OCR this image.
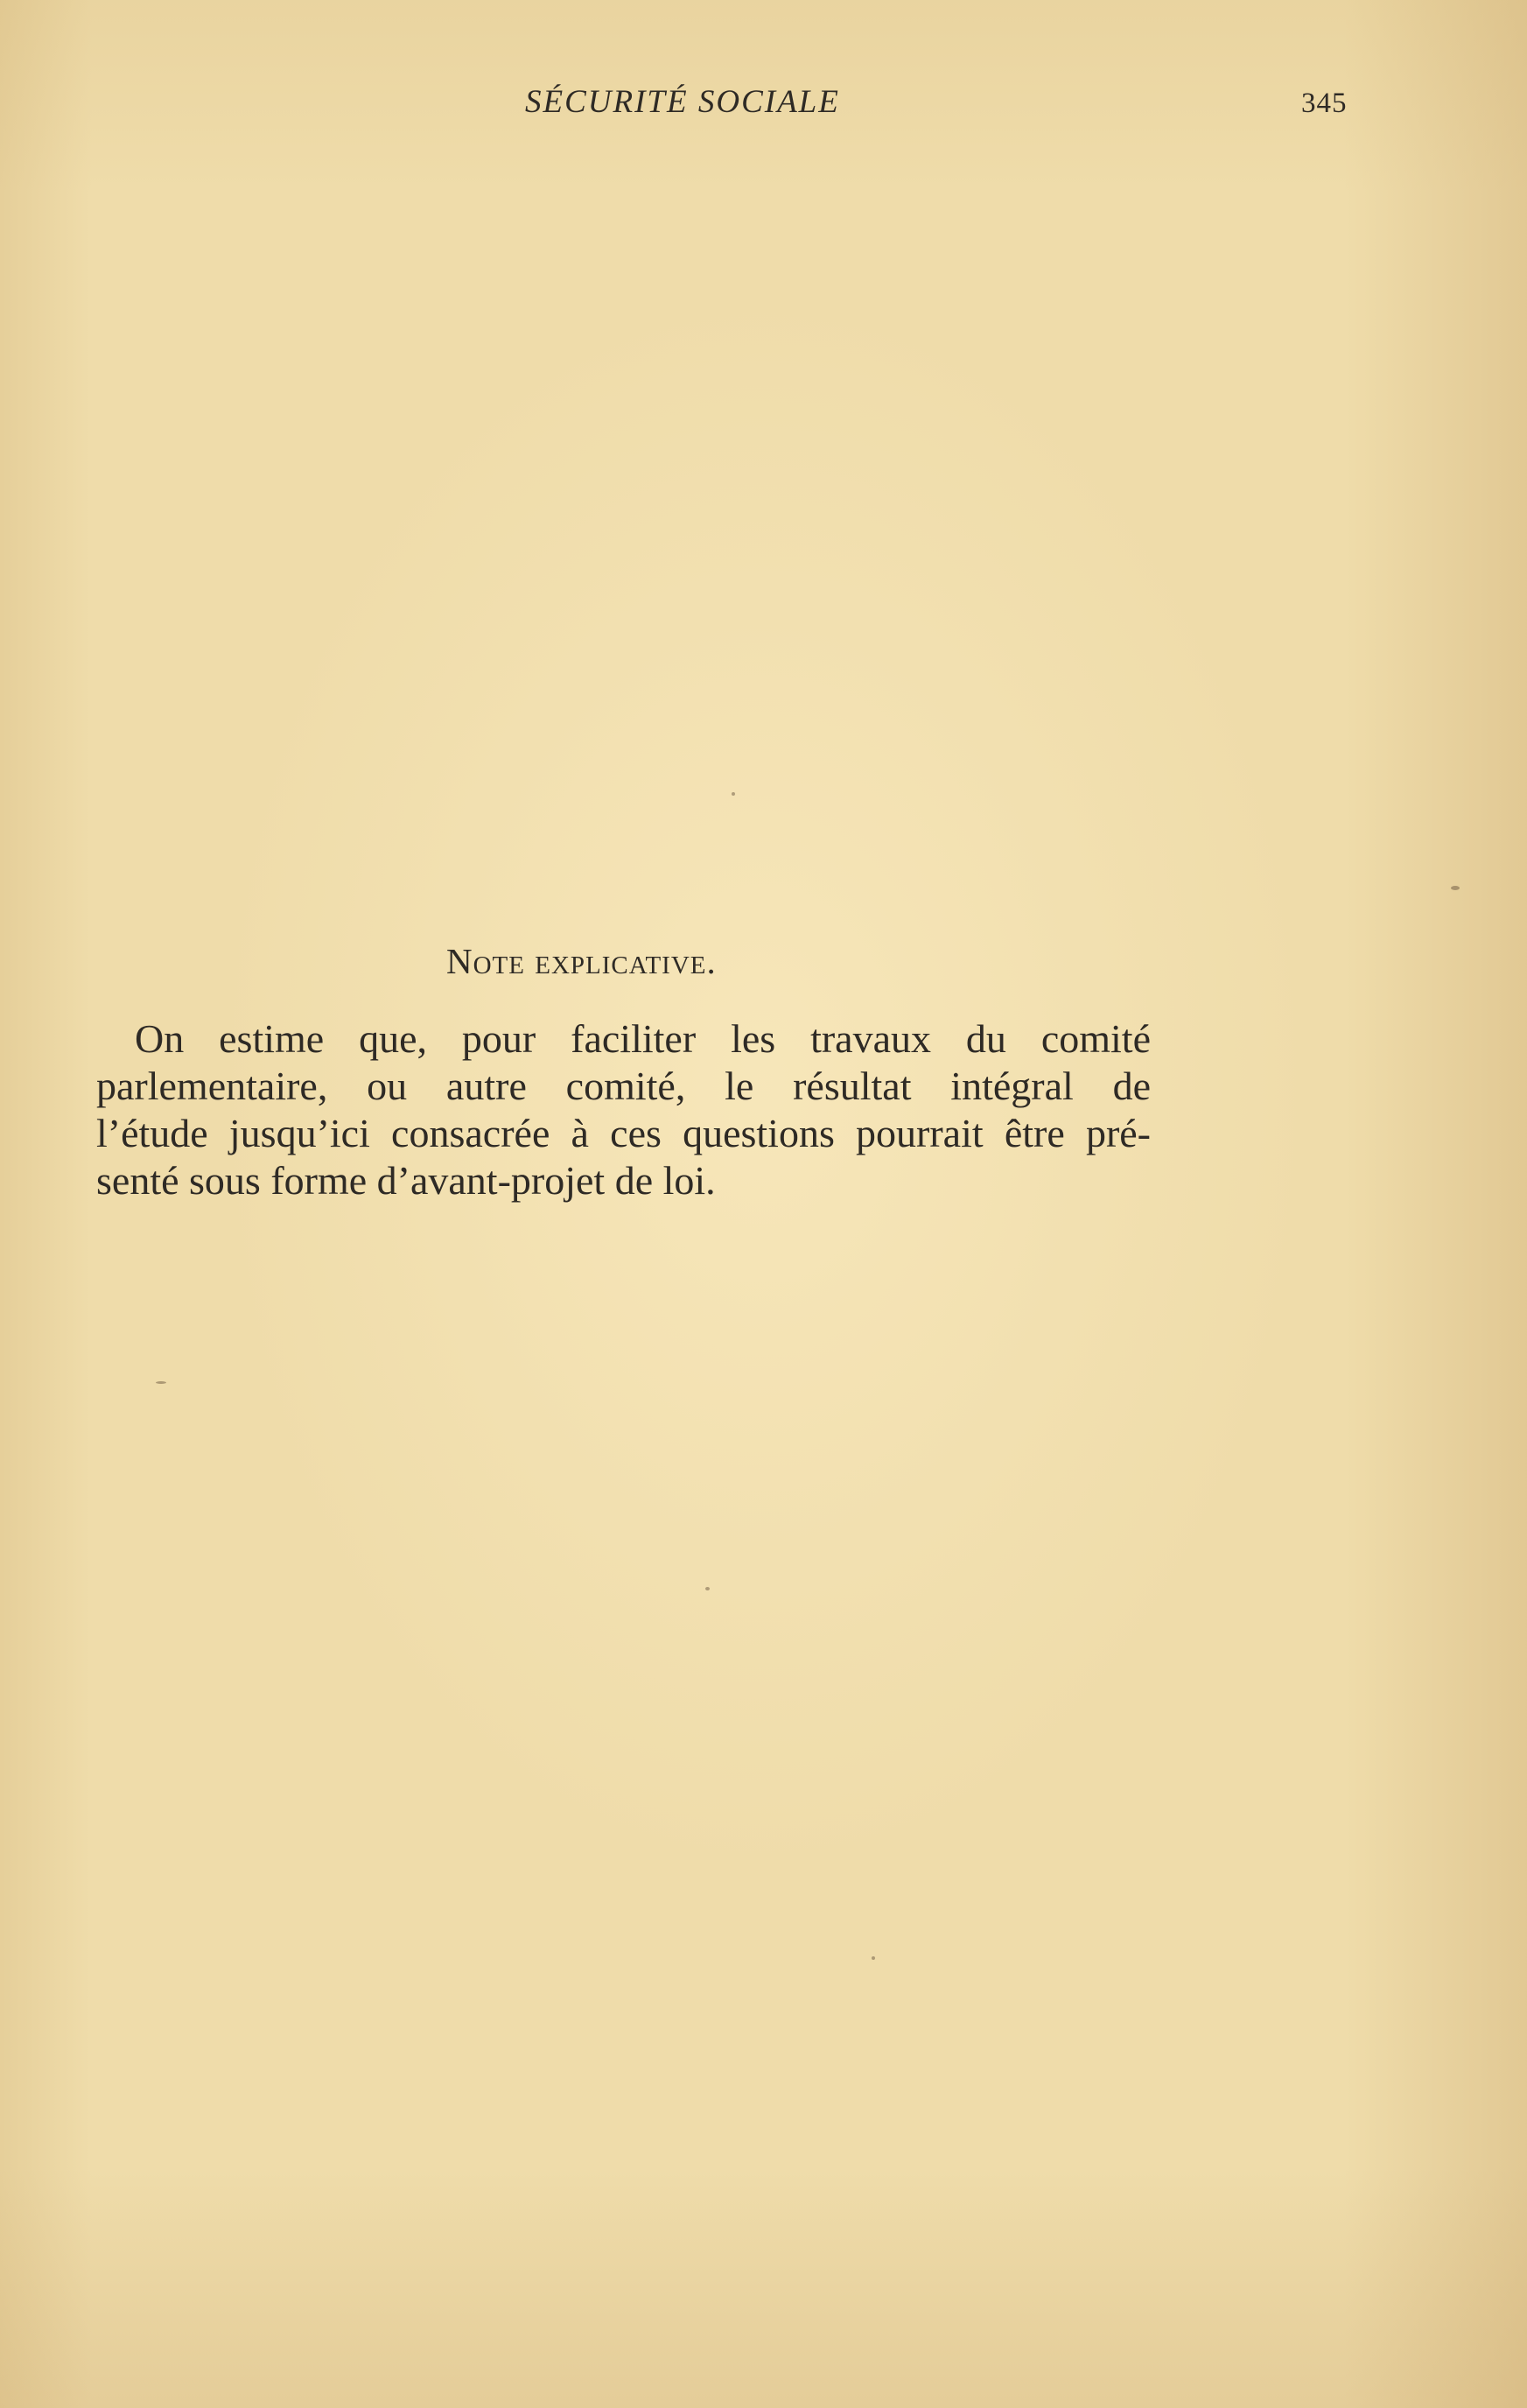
SÉCURITÉ SOCIALE	345
Note explicative.
On estime que, pour faciliter les travaux du comité
parlementaire, ou autre comité, le résultat intégral de
l’étude jusqu’ici consacrée à ces questions pourrait être pré-
senté sous forme d’avant-projet de loi.
